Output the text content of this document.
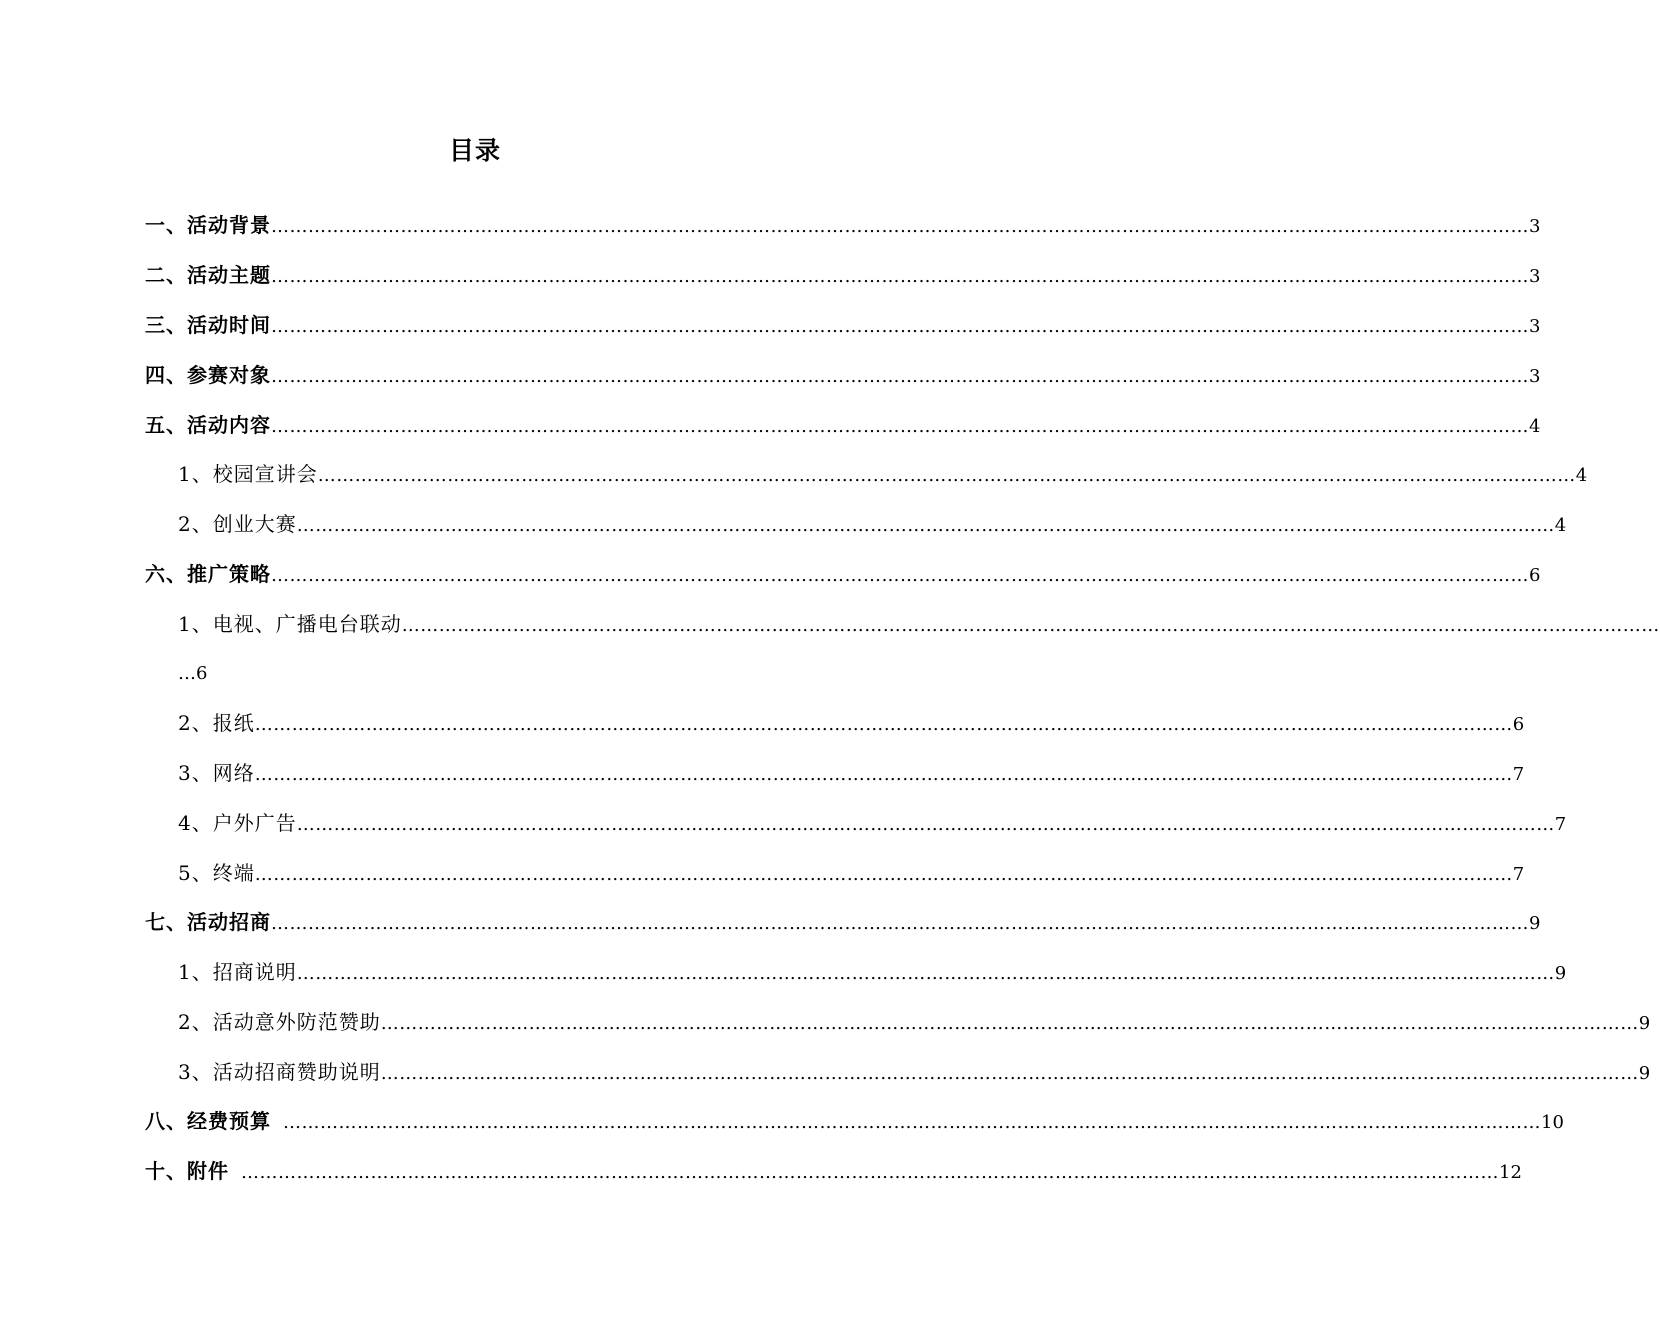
目录
一、活动背景 …………………………………………………………………………………………………………………………………………………………………………………… 3
二、活动主题 …………………………………………………………………………………………………………………………………………………………………………………… 3
三、活动时间 …………………………………………………………………………………………………………………………………………………………………………………… 3
四、参赛对象 …………………………………………………………………………………………………………………………………………………………………………………… 3
五、活动内容 …………………………………………………………………………………………………………………………………………………………………………………… 4
1、校园宣讲会 …………………………………………………………………………………………………………………………………………………………………………………… 4
2、创业大赛 …………………………………………………………………………………………………………………………………………………………………………………… 4
六、推广策略 …………………………………………………………………………………………………………………………………………………………………………………… 6
1、电视、广播电台联动 ……………………………………………………………………………………………………………………………………………………………………………………
… 6
2、报纸 …………………………………………………………………………………………………………………………………………………………………………………… 6
3、网络 …………………………………………………………………………………………………………………………………………………………………………………… 7
4、户外广告 …………………………………………………………………………………………………………………………………………………………………………………… 7
5、终端 …………………………………………………………………………………………………………………………………………………………………………………… 7
七、活动招商 …………………………………………………………………………………………………………………………………………………………………………………… 9
1、招商说明 …………………………………………………………………………………………………………………………………………………………………………………… 9
2、活动意外防范赞助 …………………………………………………………………………………………………………………………………………………………………………………… 9
3、活动招商赞助说明 …………………………………………………………………………………………………………………………………………………………………………………… 9
八、经费预算 …………………………………………………………………………………………………………………………………………………………………………………… 10
十、附件 …………………………………………………………………………………………………………………………………………………………………………………… 12
